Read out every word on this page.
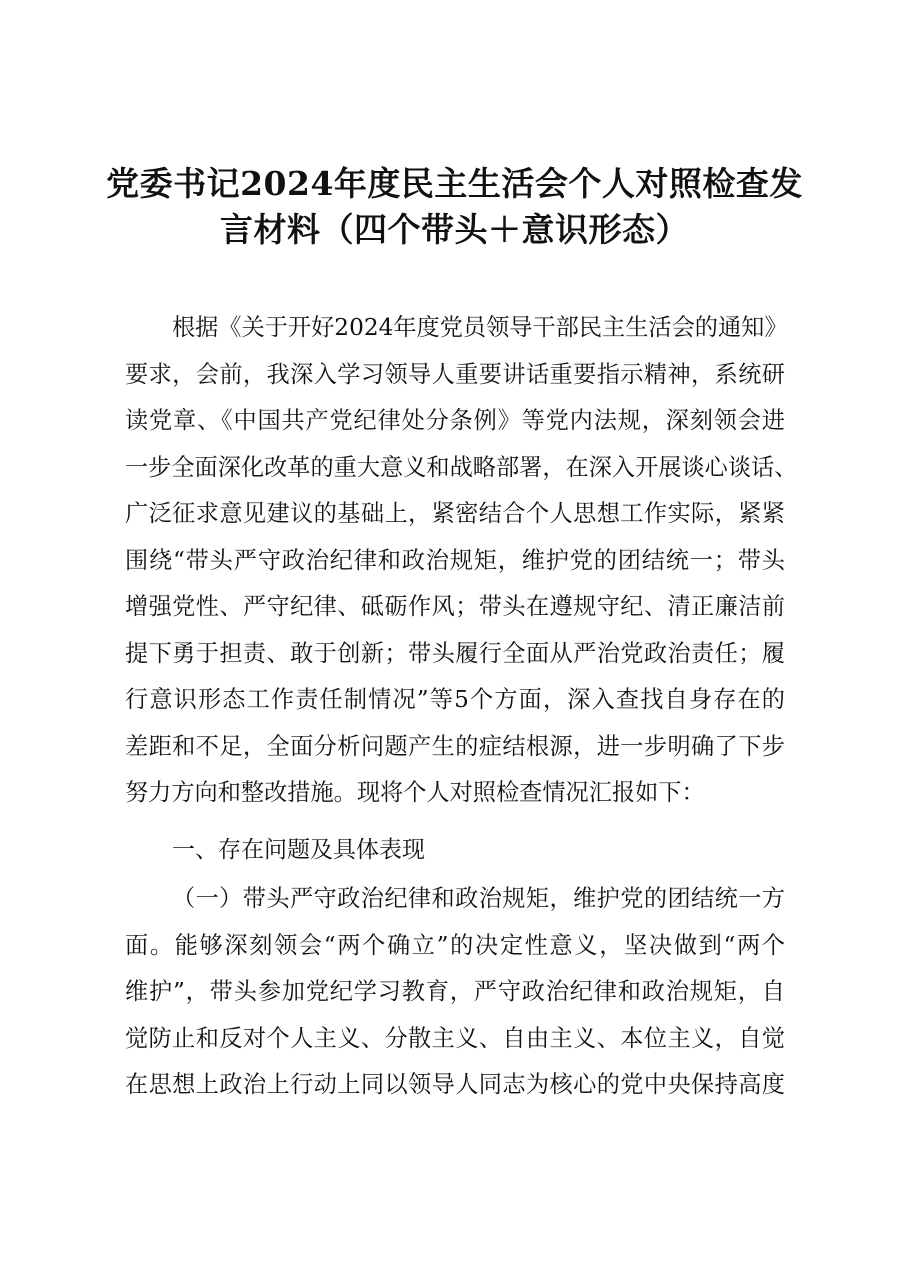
党委书记2024年度民主生活会个人对照检查发
言材料（四个带头＋意识形态）
根据《关于开好2024年度党员领导干部民主生活会的通知》
要求，会前，我深入学习领导人重要讲话重要指示精神，系统研
读党章、《中国共产党纪律处分条例》等党内法规，深刻领会进
一步全面深化改革的重大意义和战略部署，在深入开展谈心谈话、
广泛征求意见建议的基础上，紧密结合个人思想工作实际，紧紧
围绕“带头严守政治纪律和政治规矩，维护党的团结统一；带头
增强党性、严守纪律、砥砺作风；带头在遵规守纪、清正廉洁前
提下勇于担责、敢于创新；带头履行全面从严治党政治责任；履
行意识形态工作责任制情况”等5个方面，深入查找自身存在的
差距和不足，全面分析问题产生的症结根源，进一步明确了下步
努力方向和整改措施。现将个人对照检查情况汇报如下：
一、存在问题及具体表现
（一）带头严守政治纪律和政治规矩，维护党的团结统一方
面。能够深刻领会“两个确立”的决定性意义，坚决做到“两个
维护”，带头参加党纪学习教育，严守政治纪律和政治规矩，自
觉防止和反对个人主义、分散主义、自由主义、本位主义，自觉
在思想上政治上行动上同以领导人同志为核心的党中央保持高度
